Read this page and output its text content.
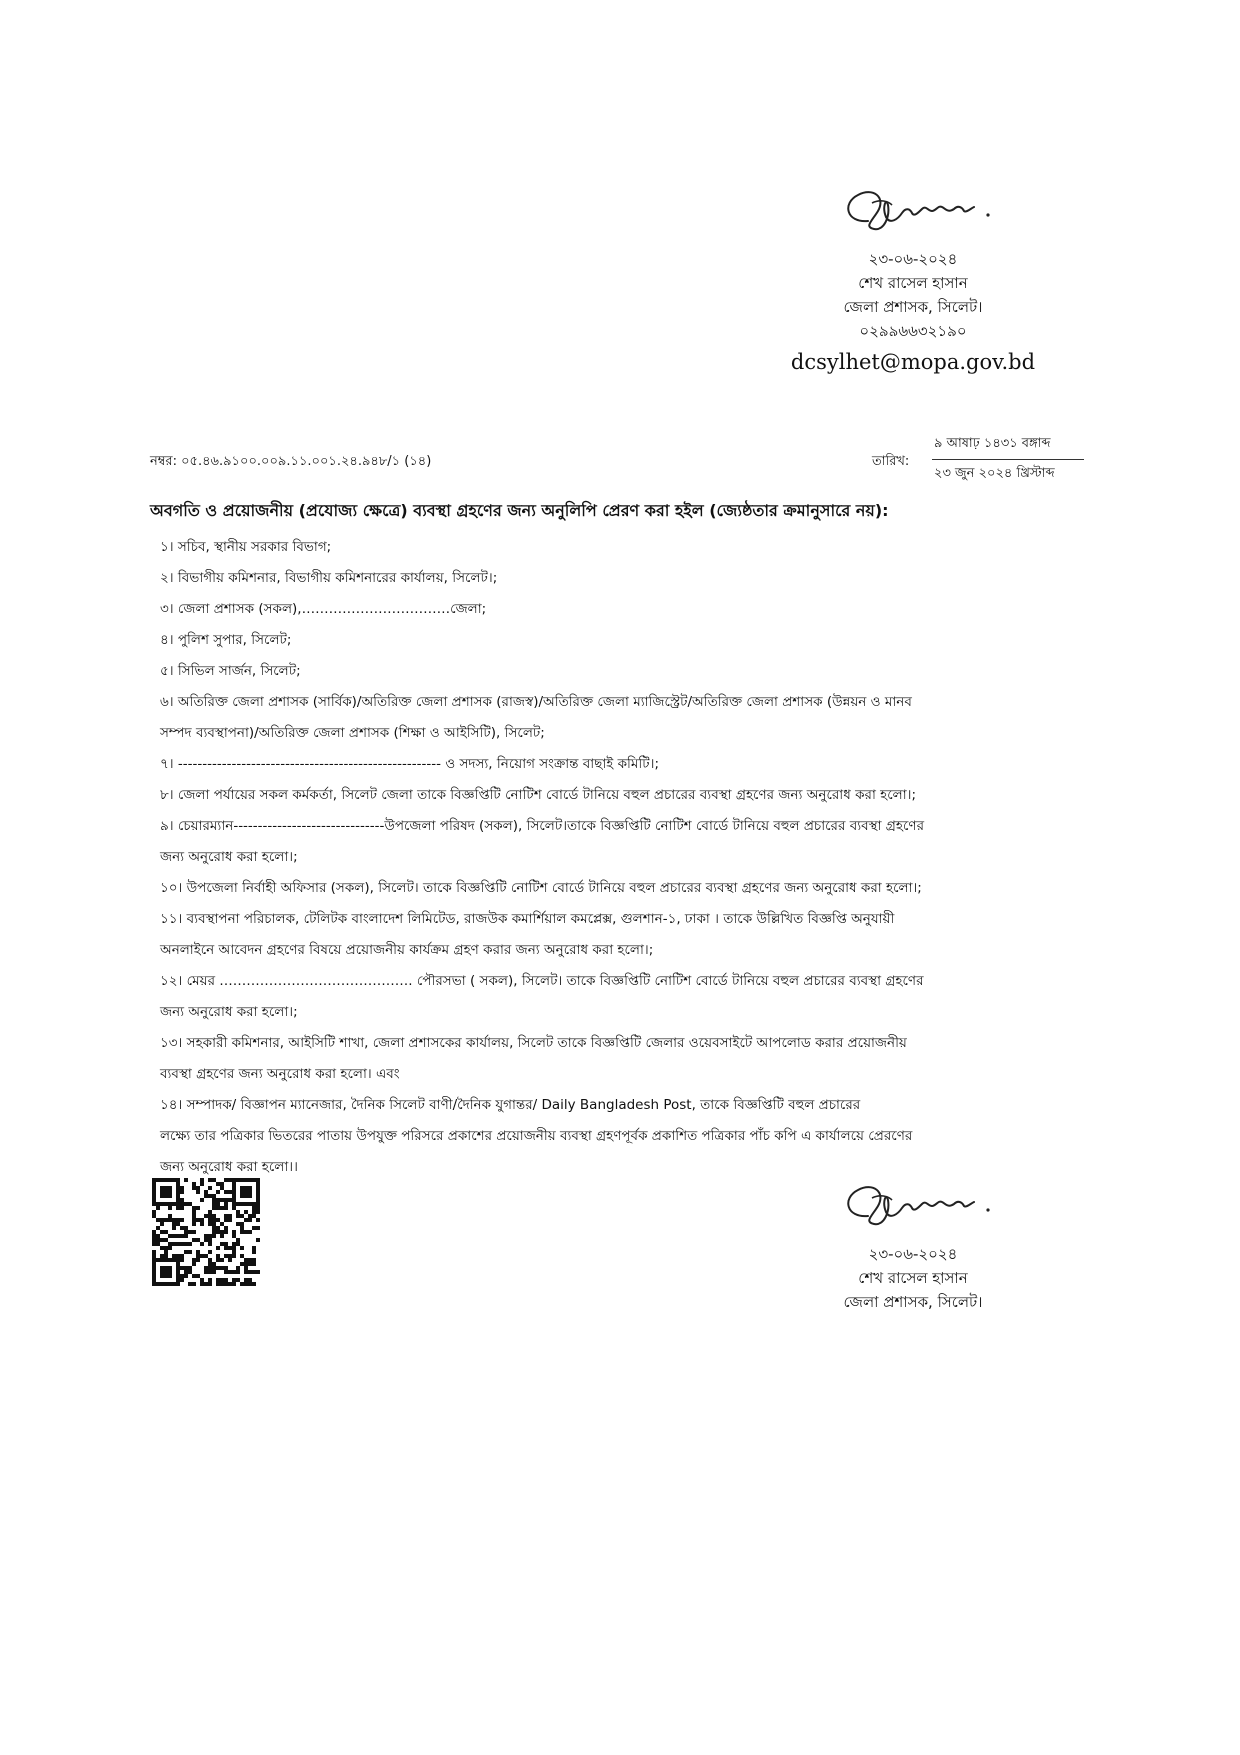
২৩-০৬-২০২৪
শেখ রাসেল হাসান
জেলা প্রশাসক, সিলেট।
০২৯৯৬৬৩২১৯০
dcsylhet@mopa.gov.bd
নম্বর: ০৫.৪৬.৯১০০.০০৯.১১.০০১.২৪.৯৪৮/১ (১৪)	তারিখ:
৯ আষাঢ় ১৪৩১ বঙ্গাব্দ
২৩ জুন ২০২৪ খ্রিস্টাব্দ
অবগতি ও প্রয়োজনীয় (প্রযোজ্য ক্ষেত্রে) ব্যবস্থা গ্রহণের জন্য অনুলিপি প্রেরণ করা হইল (জ্যেষ্ঠতার ক্রমানুসারে নয়):

১। সচিব, স্থানীয় সরকার বিভাগ;

২। বিভাগীয় কমিশনার, বিভাগীয় কমিশনারের কার্যালয়, সিলেট।;

৩। জেলা প্রশাসক (সকল),……………………………জেলা;

৪। পুলিশ সুপার, সিলেট;

৫। সিভিল সার্জন, সিলেট;

৬। অতিরিক্ত জেলা প্রশাসক (সার্বিক)/অতিরিক্ত জেলা প্রশাসক (রাজস্ব)/অতিরিক্ত জেলা ম্যাজিস্ট্রেট/অতিরিক্ত জেলা প্রশাসক (উন্নয়ন ও মানব

সম্পদ ব্যবস্থাপনা)/অতিরিক্ত জেলা প্রশাসক (শিক্ষা ও আইসিটি), সিলেট;

৭। ------------------------------------------------------ ও সদস্য, নিয়োগ সংক্রান্ত বাছাই কমিটি।;

৮। জেলা পর্যায়ের সকল কর্মকর্তা, সিলেট জেলা তাকে বিজ্ঞপ্তিটি নোটিশ বোর্ডে টানিয়ে বহুল প্রচারের ব্যবস্থা গ্রহণের জন্য অনুরোধ করা হলো।;

৯। চেয়ারম্যান-------------------------------উপজেলা পরিষদ (সকল), সিলেট।তাকে বিজ্ঞপ্তিটি নোটিশ বোর্ডে টানিয়ে বহুল প্রচারের ব্যবস্থা গ্রহণের

জন্য অনুরোধ করা হলো।;

১০। উপজেলা নির্বাহী অফিসার (সকল), সিলেট। তাকে বিজ্ঞপ্তিটি নোটিশ বোর্ডে টানিয়ে বহুল প্রচারের ব্যবস্থা গ্রহণের জন্য অনুরোধ করা হলো।;

১১। ব্যবস্থাপনা পরিচালক, টেলিটক বাংলাদেশ লিমিটেড, রাজউক কমার্শিয়াল কমপ্লেক্স, গুলশান-১, ঢাকা । তাকে উল্লিখিত বিজ্ঞপ্তি অনুযায়ী

অনলাইনে আবেদন গ্রহণের বিষয়ে প্রয়োজনীয় কার্যক্রম গ্রহণ করার জন্য অনুরোধ করা হলো।;

১২। মেয়র ……………………………………. পৌরসভা ( সকল), সিলেট। তাকে বিজ্ঞপ্তিটি নোটিশ বোর্ডে টানিয়ে বহুল প্রচারের ব্যবস্থা গ্রহণের

জন্য অনুরোধ করা হলো।;

১৩। সহকারী কমিশনার, আইসিটি শাখা, জেলা প্রশাসকের কার্যালয়, সিলেট তাকে বিজ্ঞপ্তিটি জেলার ওয়েবসাইটে আপলোড করার প্রয়োজনীয়

ব্যবস্থা গ্রহণের জন্য অনুরোধ করা হলো। এবং

১৪। সম্পাদক/ বিজ্ঞাপন ম্যানেজার, দৈনিক সিলেট বাণী/দৈনিক যুগান্তর/ Daily Bangladesh Post, তাকে বিজ্ঞপ্তিটি বহুল প্রচারের

লক্ষ্যে তার পত্রিকার ভিতরের পাতায় উপযুক্ত পরিসরে প্রকাশের প্রয়োজনীয় ব্যবস্থা গ্রহণপূর্বক প্রকাশিত পত্রিকার পাঁচ কপি এ কার্যালয়ে প্রেরণের

জন্য অনুরোধ করা হলো।।

২৩-০৬-২০২৪
শেখ রাসেল হাসান
জেলা প্রশাসক, সিলেট।
